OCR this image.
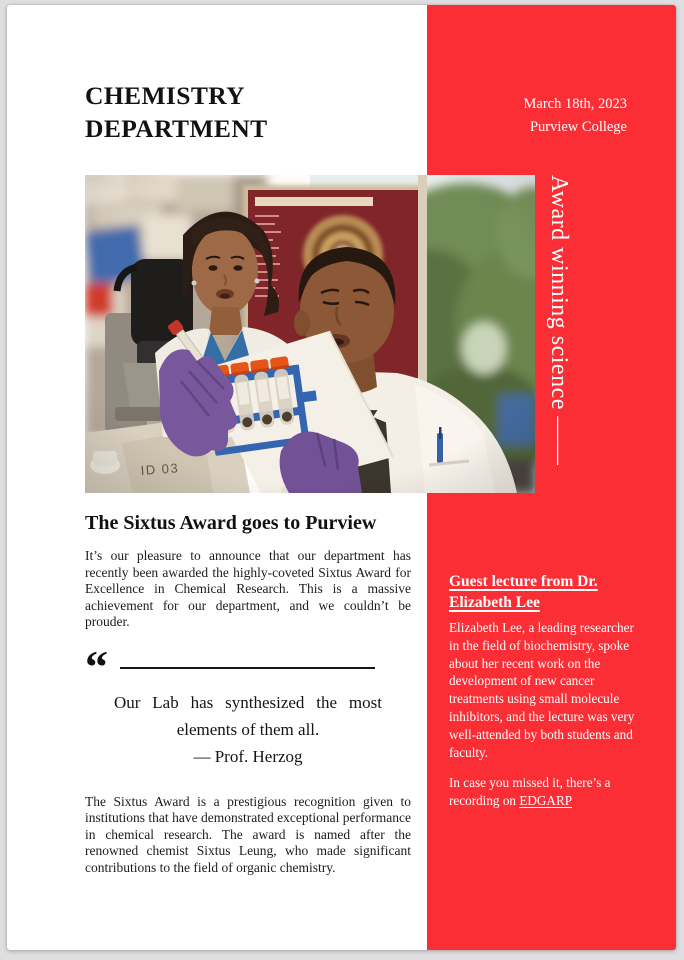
CHEMISTRY
DEPARTMENT
March 18th, 2023
Purview College
Award winning science ——
The Sixtus Award goes to Purview

It’s our pleasure to announce that our department has recently been awarded the highly-coveted Sixtus Award for Excellence in Chemical Research. This is a massive achievement for our department, and we couldn’t be prouder.

“

Our Lab has synthesized the most elements of them all.

— Prof. Herzog

The Sixtus Award is a prestigious recognition given to institutions that have demonstrated exceptional performance in chemical research. The award is named after the renowned chemist Sixtus Leung, who made significant contributions to the field of organic chemistry.

Guest lecture from Dr. Elizabeth Lee

Elizabeth Lee, a leading researcher in the field of biochemistry, spoke about her recent work on the development of new cancer treatments using small molecule inhibitors, and the lecture was very well-attended by both students and faculty.

In case you missed it, there’s a recording on EDGARP
